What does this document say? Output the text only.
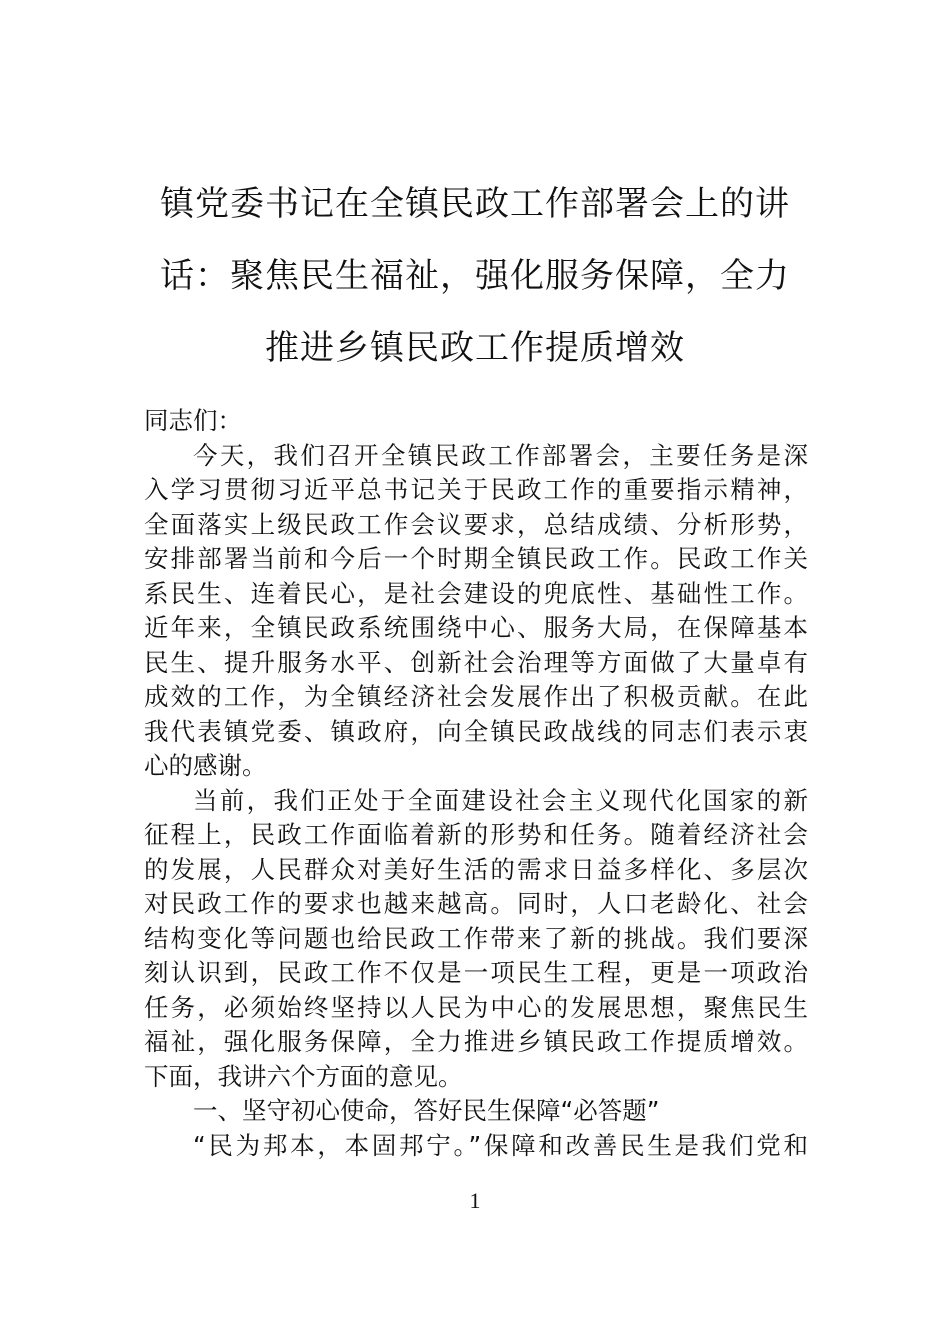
镇党委书记在全镇民政工作部署会上的讲
话：聚焦民生福祉，强化服务保障，全力
推进乡镇民政工作提质增效
同志们：
今天，我们召开全镇民政工作部署会，主要任务是深
入学习贯彻习近平总书记关于民政工作的重要指示精神，
全面落实上级民政工作会议要求，总结成绩、分析形势，
安排部署当前和今后一个时期全镇民政工作。民政工作关
系民生、连着民心，是社会建设的兜底性、基础性工作。
近年来，全镇民政系统围绕中心、服务大局，在保障基本
民生、提升服务水平、创新社会治理等方面做了大量卓有
成效的工作，为全镇经济社会发展作出了积极贡献。在此
我代表镇党委、镇政府，向全镇民政战线的同志们表示衷
心的感谢。
当前，我们正处于全面建设社会主义现代化国家的新
征程上，民政工作面临着新的形势和任务。随着经济社会
的发展，人民群众对美好生活的需求日益多样化、多层次
对民政工作的要求也越来越高。同时，人口老龄化、社会
结构变化等问题也给民政工作带来了新的挑战。我们要深
刻认识到，民政工作不仅是一项民生工程，更是一项政治
任务，必须始终坚持以人民为中心的发展思想，聚焦民生
福祉，强化服务保障，全力推进乡镇民政工作提质增效。
下面，我讲六个方面的意见。
一、坚守初心使命，答好民生保障“必答题”
“民为邦本，本固邦宁。”保障和改善民生是我们党和
1
